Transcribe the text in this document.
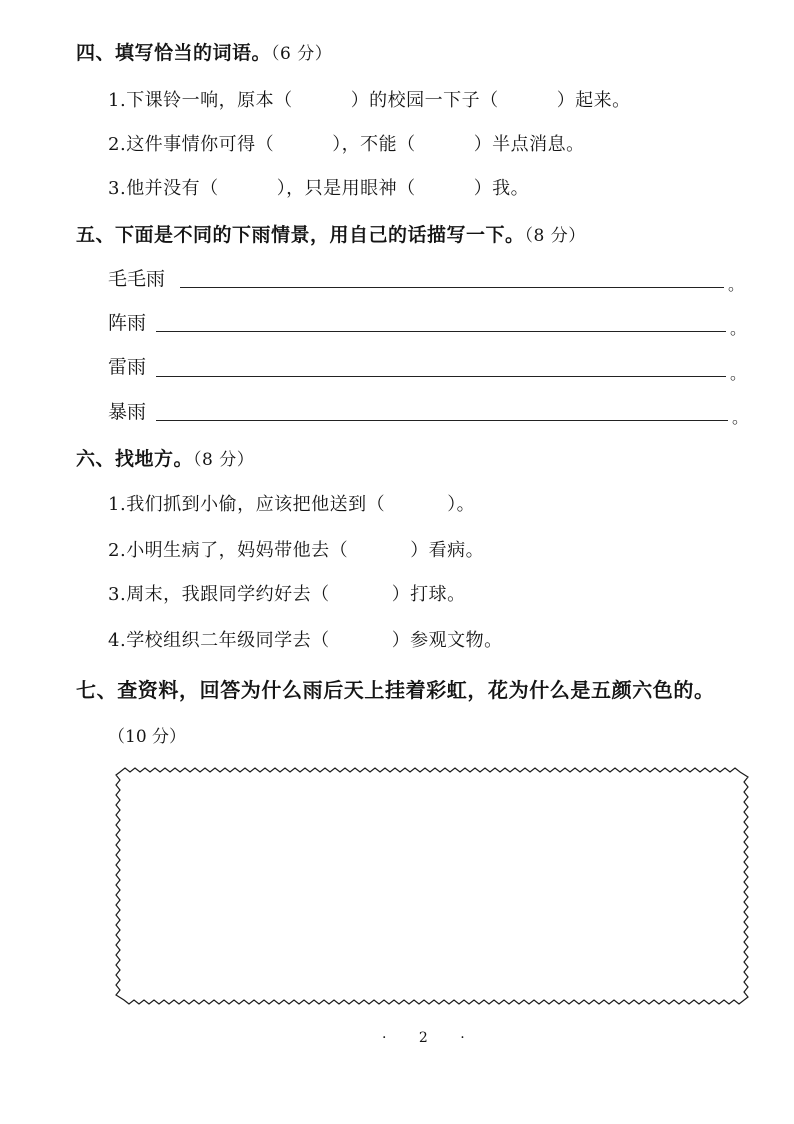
四、填写恰当的词语。（6 分）
1.下课铃一响，原本（	）的校园一下子（	）起来。
2.这件事情你可得（	），不能（	）半点消息。
3.他并没有（	），只是用眼神（	）我。
五、下面是不同的下雨情景，用自己的话描写一下。（8 分）
毛毛雨	。
阵雨	。
雷雨	。
暴雨	。
六、找地方。（8 分）
1.我们抓到小偷，应该把他送到（	）。
2.小明生病了，妈妈带他去（	）看病。
3.周末，我跟同学约好去（	）打球。
4.学校组织二年级同学去（	）参观文物。
七、查资料，回答为什么雨后天上挂着彩虹，花为什么是五颜六色的。
（10 分）
· 2 ·
